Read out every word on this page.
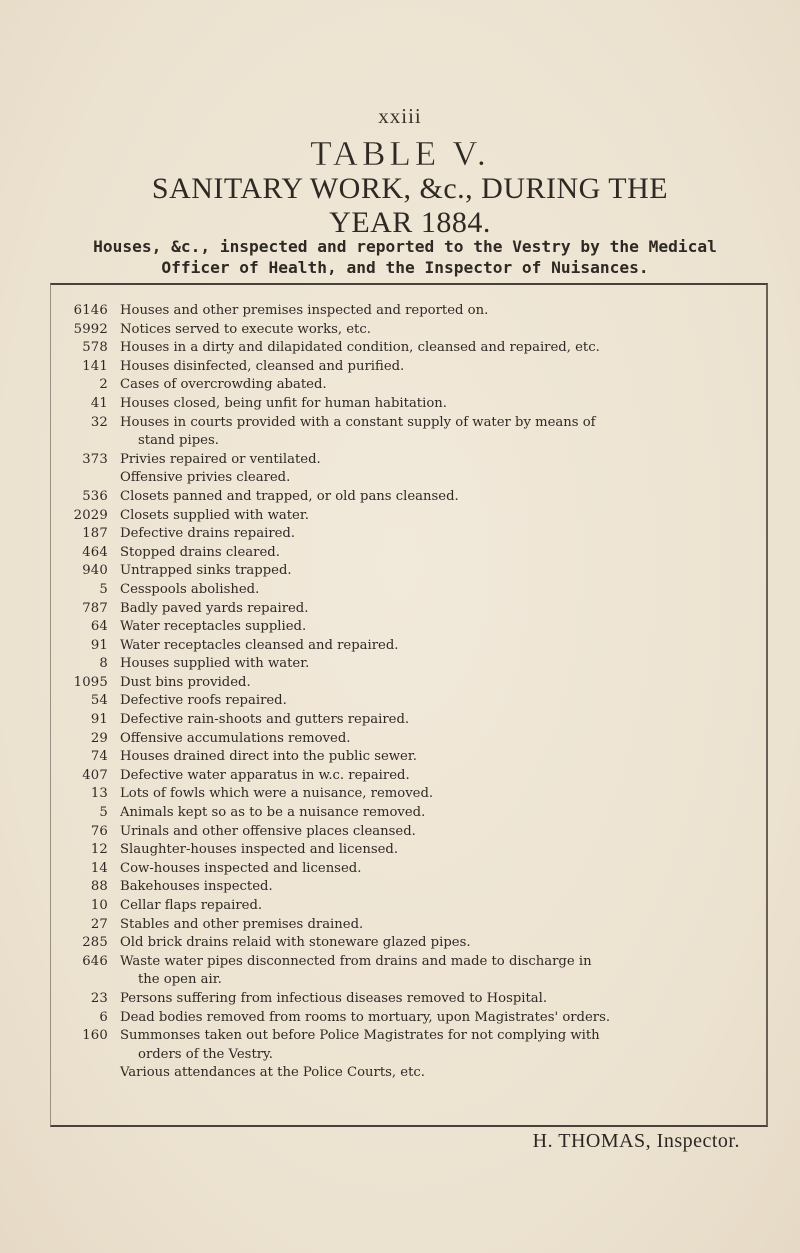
xxiii
TABLE V.
SANITARY WORK, &c., DURING THE
YEAR 1884.
Houses, &c., inspected and reported to the Vestry by the Medical
Officer of Health, and the Inspector of Nuisances.
6146 Houses and other premises inspected and reported on.
5992 Notices served to execute works, etc.
578 Houses in a dirty and dilapidated condition, cleansed and repaired, etc.
141 Houses disinfected, cleansed and purified.
2 Cases of overcrowding abated.
41 Houses closed, being unfit for human habitation.
32 Houses in courts provided with a constant supply of water by means of
stand pipes.
373 Privies repaired or ventilated.
Offensive privies cleared.
536 Closets panned and trapped, or old pans cleansed.
2029 Closets supplied with water.
187 Defective drains repaired.
464 Stopped drains cleared.
940 Untrapped sinks trapped.
5 Cesspools abolished.
787 Badly paved yards repaired.
64 Water receptacles supplied.
91 Water receptacles cleansed and repaired.
8 Houses supplied with water.
1095 Dust bins provided.
54 Defective roofs repaired.
91 Defective rain-shoots and gutters repaired.
29 Offensive accumulations removed.
74 Houses drained direct into the public sewer.
407 Defective water apparatus in w.c. repaired.
13 Lots of fowls which were a nuisance, removed.
5 Animals kept so as to be a nuisance removed.
76 Urinals and other offensive places cleansed.
12 Slaughter-houses inspected and licensed.
14 Cow-houses inspected and licensed.
88 Bakehouses inspected.
10 Cellar flaps repaired.
27 Stables and other premises drained.
285 Old brick drains relaid with stoneware glazed pipes.
646 Waste water pipes disconnected from drains and made to discharge in
the open air.
23 Persons suffering from infectious diseases removed to Hospital.
6 Dead bodies removed from rooms to mortuary, upon Magistrates' orders.
160 Summonses taken out before Police Magistrates for not complying with
orders of the Vestry.
Various attendances at the Police Courts, etc.
H. THOMAS, Inspector.
